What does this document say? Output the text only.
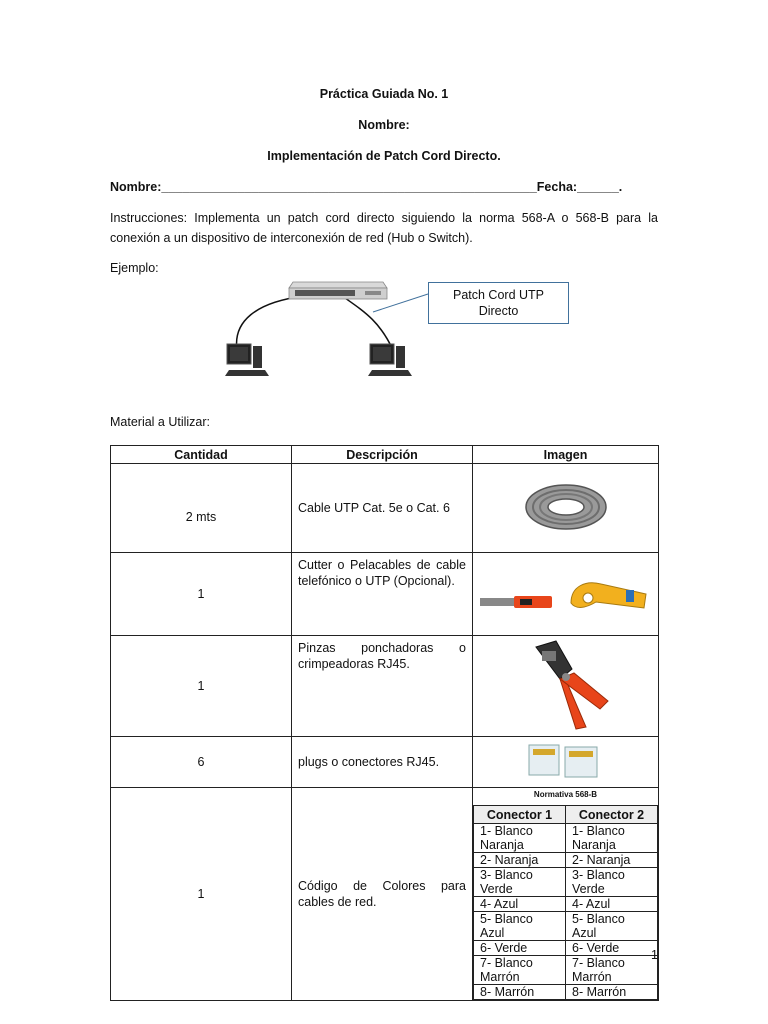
Práctica Guiada No. 1
Nombre:
Implementación de Patch Cord Directo.
Nombre:______________________________________________________Fecha:______.
Instrucciones: Implementa un patch cord directo siguiendo la norma 568-A o 568-B para la conexión a un dispositivo de interconexión de red (Hub o Switch).
Ejemplo:
Patch Cord UTP
Directo
Material a Utilizar:
Cantidad	Descripción	Imagen
2 mts	Cable UTP Cat. 5e o Cat. 6	
1	Cutter o Pelacables de cable telefónico o UTP (Opcional).	
1	Pinzas ponchadoras o crimpeadoras RJ45.	
6	plugs o conectores RJ45.	
1	Código de Colores para cables de red.	
Normativa 568-B
Conector 1	Conector 2
1- Blanco Naranja	1- Blanco Naranja
2- Naranja	2- Naranja
3- Blanco Verde	3- Blanco Verde
4- Azul	4- Azul
5- Blanco Azul	5- Blanco Azul
6- Verde	6- Verde
7- Blanco Marrón	7- Blanco Marrón
8- Marrón	8- Marrón
1
